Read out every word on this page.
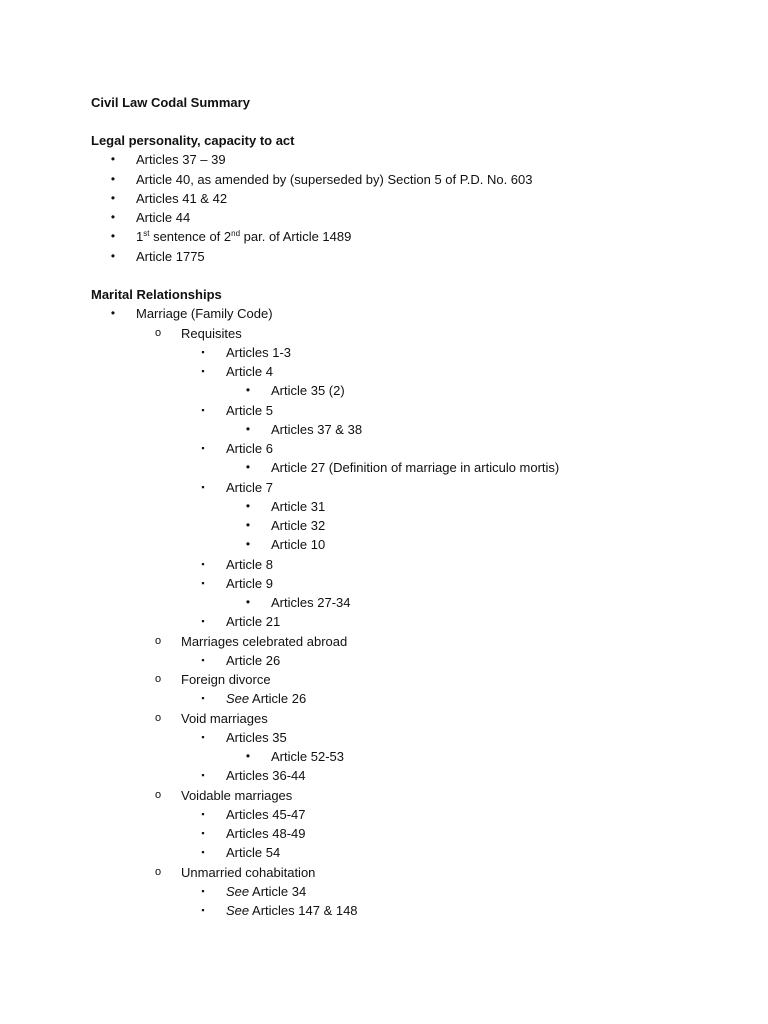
Civil Law Codal Summary
Legal personality, capacity to act
• Articles 37 – 39
• Article 40, as amended by (superseded by) Section 5 of P.D. No. 603
• Articles 41 & 42
• Article 44
• 1st sentence of 2nd par. of Article 1489
• Article 1775
Marital Relationships
• Marriage (Family Code)
o Requisites
▪ Articles 1-3
▪ Article 4
• Article 35 (2)
▪ Article 5
• Articles 37 & 38
▪ Article 6
• Article 27 (Definition of marriage in articulo mortis)
▪ Article 7
• Article 31
• Article 32
• Article 10
▪ Article 8
▪ Article 9
• Articles 27-34
▪ Article 21
o Marriages celebrated abroad
▪ Article 26
o Foreign divorce
▪ See Article 26
o Void marriages
▪ Articles 35
• Article 52-53
▪ Articles 36-44
o Voidable marriages
▪ Articles 45-47
▪ Articles 48-49
▪ Article 54
o Unmarried cohabitation
▪ See Article 34
▪ See Articles 147 & 148
